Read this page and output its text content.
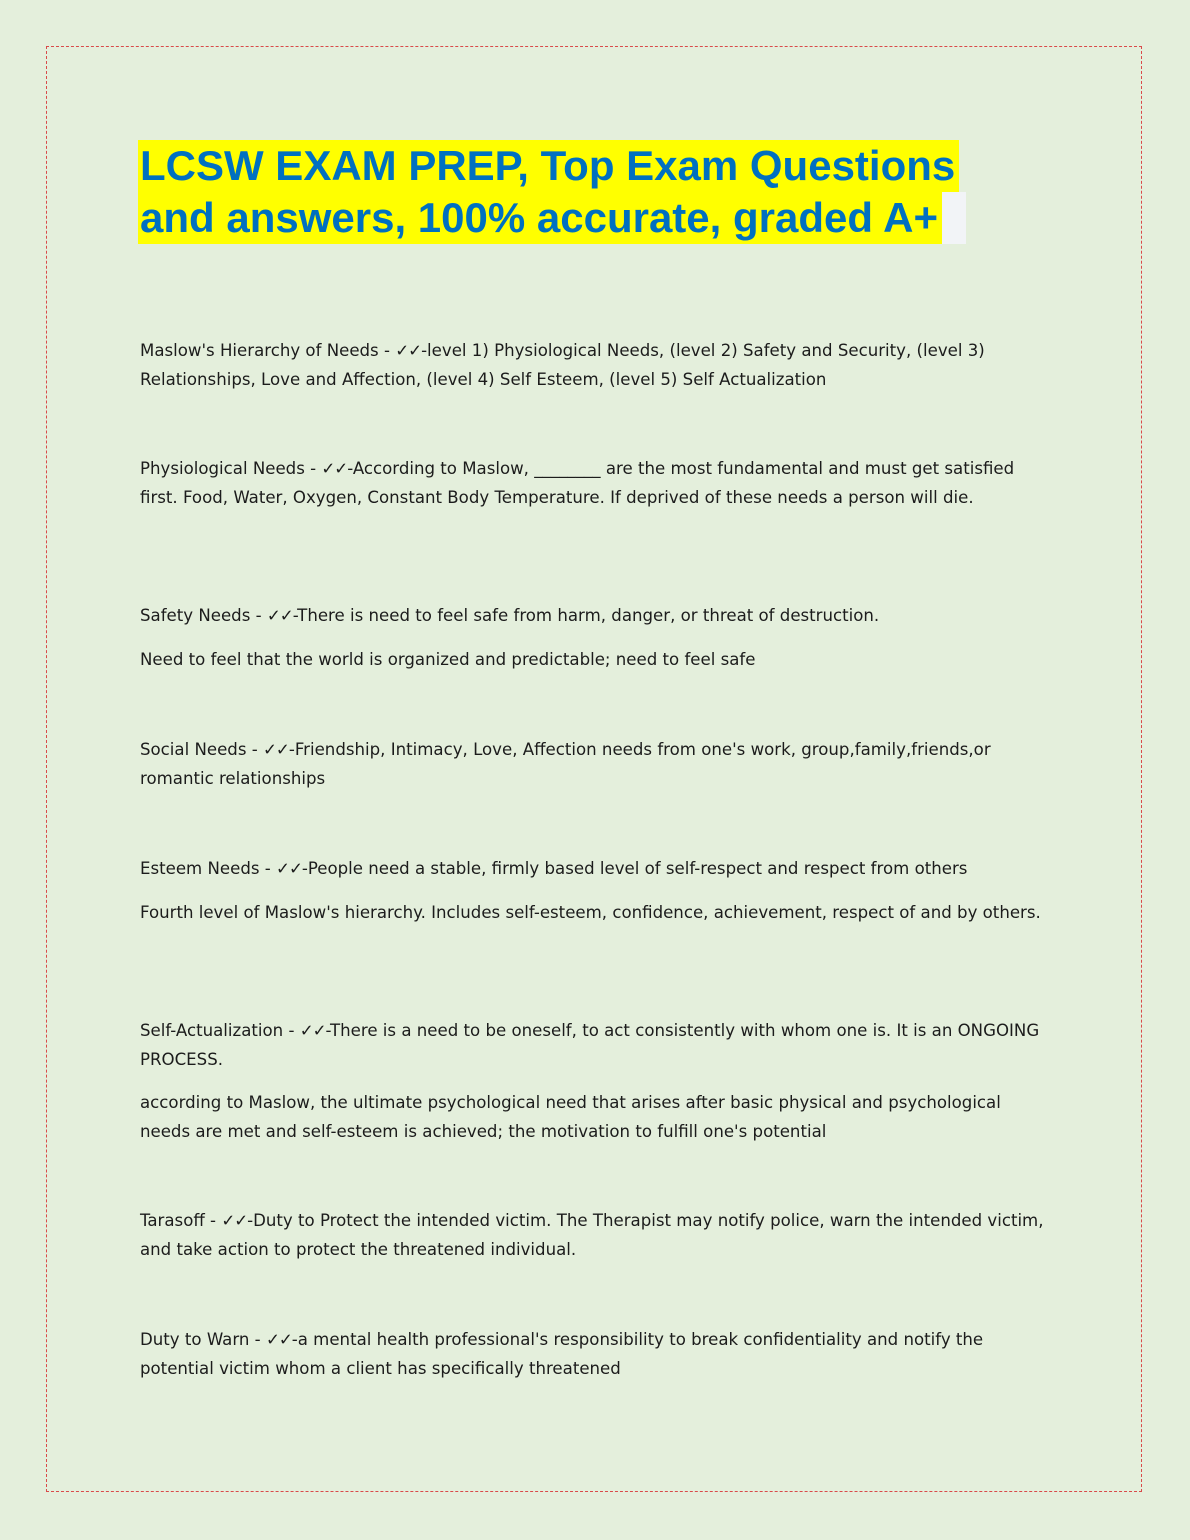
LCSW EXAM PREP, Top Exam Questions
and answers, 100% accurate, graded A+

Maslow's Hierarchy of Needs - ✓✓-level 1) Physiological Needs, (level 2) Safety and Security, (level 3) Relationships, Love and Affection, (level 4) Self Esteem, (level 5) Self Actualization

Physiological Needs - ✓✓-According to Maslow, ________ are the most fundamental and must get satisfied first. Food, Water, Oxygen, Constant Body Temperature. If deprived of these needs a person will die.

Safety Needs - ✓✓-There is need to feel safe from harm, danger, or threat of destruction.

Need to feel that the world is organized and predictable; need to feel safe

Social Needs - ✓✓-Friendship, Intimacy, Love, Affection needs from one's work, group,family,friends,or romantic relationships

Esteem Needs - ✓✓-People need a stable, firmly based level of self-respect and respect from others

Fourth level of Maslow's hierarchy. Includes self-esteem, confidence, achievement, respect of and by others.

Self-Actualization - ✓✓-There is a need to be oneself, to act consistently with whom one is. It is an ONGOING PROCESS.

according to Maslow, the ultimate psychological need that arises after basic physical and psychological needs are met and self-esteem is achieved; the motivation to fulfill one's potential

Tarasoff - ✓✓-Duty to Protect the intended victim. The Therapist may notify police, warn the intended victim, and take action to protect the threatened individual.

Duty to Warn - ✓✓-a mental health professional's responsibility to break confidentiality and notify the potential victim whom a client has specifically threatened
